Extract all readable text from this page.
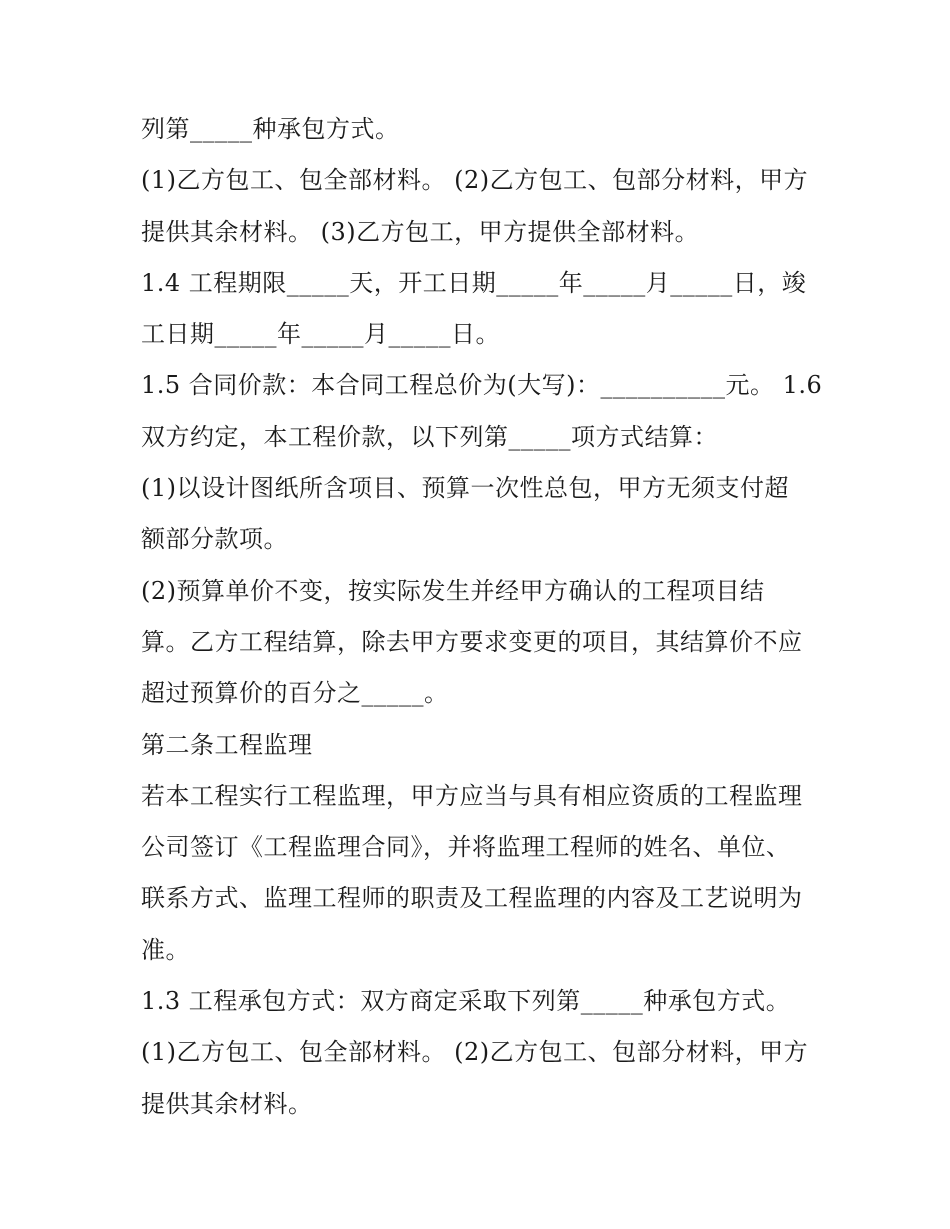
列第_____种承包方式。
(1)乙方包工、包全部材料。 (2)乙方包工、包部分材料，甲方
提供其余材料。 (3)乙方包工，甲方提供全部材料。
1.4 工程期限_____天，开工日期_____年_____月_____日，竣
工日期_____年_____月_____日。
1.5 合同价款：本合同工程总价为(大写)：__________元。 1.6
双方约定，本工程价款，以下列第_____项方式结算：
(1)以设计图纸所含项目、预算一次性总包，甲方无须支付超
额部分款项。
(2)预算单价不变，按实际发生并经甲方确认的工程项目结
算。乙方工程结算，除去甲方要求变更的项目，其结算价不应
超过预算价的百分之_____。
第二条工程监理
若本工程实行工程监理，甲方应当与具有相应资质的工程监理
公司签订《工程监理合同》，并将监理工程师的姓名、单位、
联系方式、监理工程师的职责及工程监理的内容及工艺说明为
准。
1.3 工程承包方式：双方商定采取下列第_____种承包方式。
(1)乙方包工、包全部材料。 (2)乙方包工、包部分材料，甲方
提供其余材料。
